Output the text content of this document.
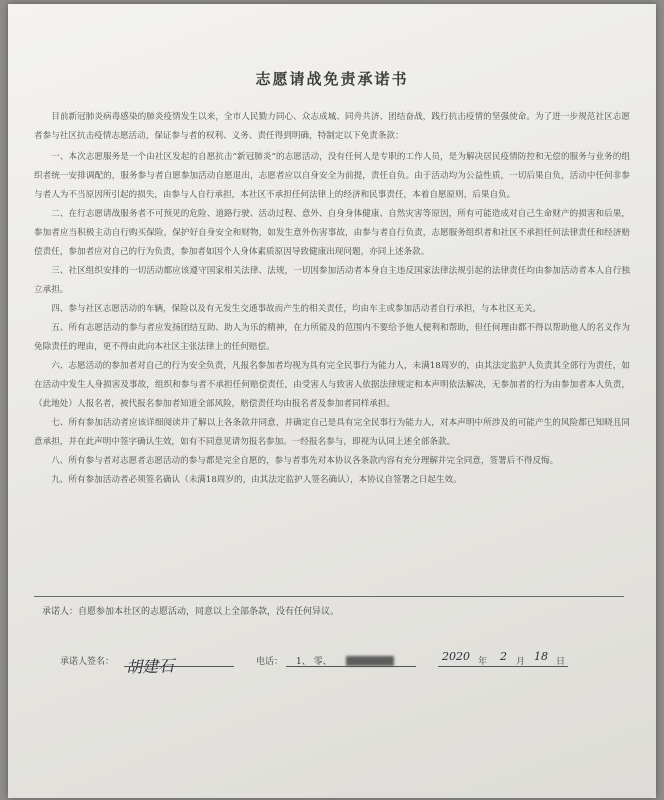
志愿请战免责承诺书

目前新冠肺炎病毒感染的肺炎疫情发生以来，全市人民勠力同心、众志成城、同舟共济、团结奋战，践行抗击疫情的坚强使命。为了进一步规范社区志愿者参与社区抗击疫情志愿活动，保证参与者的权利、义务、责任得到明确，特制定以下免责条款：

一、本次志愿服务是一个由社区发起的自愿抗击“新冠肺炎”的志愿活动，没有任何人是专职的工作人员，是为解决居民疫情防控和无偿的服务与业务的组织者统一安排调配的，服务参与者自愿参加活动自愿退出，志愿者应以自身安全为前提，责任自负。由于活动均为公益性质，一切后果自负，活动中任何非参与者人为不当原因所引起的损失，由参与人自行承担，本社区不承担任何法律上的经济和民事责任，本着自愿原则，后果自负。

二、在行志愿请战服务者不可预见的危险、道路行驶、活动过程、意外、自身身体健康、自然灾害等原因，所有可能造成对自己生命财产的损害和后果，参加者应当积极主动自行购买保险，保护好自身安全和财物，如发生意外伤害事故，由参与者自行负责，志愿服务组织者和社区不承担任何法律责任和经济赔偿责任，参加者应对自己的行为负责，参加者如因个人身体素质原因导致健康出现问题，亦同上述条款。

三、社区组织安排的一切活动都应该遵守国家相关法律、法规，一切因参加活动者本身自主违反国家法律法规引起的法律责任均由参加活动者本人自行独立承担。

四、参与社区志愿活动的车辆，保险以及有无发生交通事故而产生的相关责任，均由车主或参加活动者自行承担，与本社区无关。

五、所有志愿活动的参与者应发扬团结互助、助人为乐的精神，在力所能及的范围内不要给予他人便利和帮助，但任何理由都不得以帮助他人的名义作为免除责任的理由，更不得由此向本社区主张法律上的任何赔偿。

六、志愿活动的参加者对自己的行为安全负责，凡报名参加者均视为具有完全民事行为能力人，未满18周岁的，由其法定监护人负责其全部行为责任，如在活动中发生人身损害及事故，组织和参与者不承担任何赔偿责任，由受害人与致害人依据法律规定和本声明依法解决，无参加者的行为由参加者本人负责，（此地处）人报名者，被代报名参加者知道全部风险，赔偿责任均由报名者及参加者同样承担。

七、所有参加活动者应该详细阅读并了解以上各条款并同意，并确定自己是具有完全民事行为能力人，对本声明中所涉及的可能产生的风险都已知晓且同意承担，并在此声明中签字确认生效，如有不同意见请勿报名参加。一经报名参与，即视为认同上述全部条款。

八、所有参与者对志愿者志愿活动的参与都是完全自愿的，参与者事先对本协议各条款内容有充分理解并完全同意，签署后不得反悔。

九、所有参加活动者必须签名确认（未满18周岁的，由其法定监护人签名确认），本协议自签署之日起生效。

承诺人：自愿参加本社区的志愿活动，同意以上全部条款，没有任何异议。
承诺人签名： 胡建石	电话： 1、 零、	2020 年 2 月 18 日
